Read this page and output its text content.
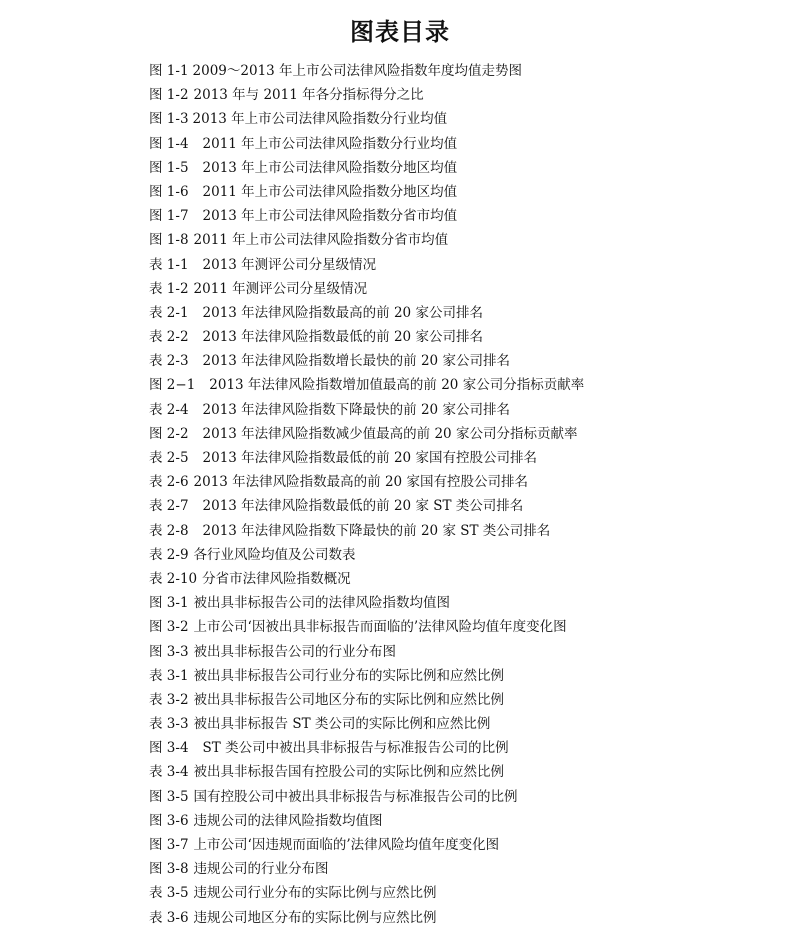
图表目录
图 1-1 2009～2013 年上市公司法律风险指数年度均值走势图
图 1-2 2013 年与 2011 年各分指标得分之比
图 1-3 2013 年上市公司法律风险指数分行业均值
图 1-4 2011 年上市公司法律风险指数分行业均值
图 1-5 2013 年上市公司法律风险指数分地区均值
图 1-6 2011 年上市公司法律风险指数分地区均值
图 1-7 2013 年上市公司法律风险指数分省市均值
图 1-8 2011 年上市公司法律风险指数分省市均值
表 1-1 2013 年测评公司分星级情况
表 1-2 2011 年测评公司分星级情况
表 2-1 2013 年法律风险指数最高的前 20 家公司排名
表 2-2 2013 年法律风险指数最低的前 20 家公司排名
表 2-3 2013 年法律风险指数增长最快的前 20 家公司排名
图 2−1 2013 年法律风险指数增加值最高的前 20 家公司分指标贡献率
表 2-4 2013 年法律风险指数下降最快的前 20 家公司排名
图 2-2 2013 年法律风险指数减少值最高的前 20 家公司分指标贡献率
表 2-5 2013 年法律风险指数最低的前 20 家国有控股公司排名
表 2-6 2013 年法律风险指数最高的前 20 家国有控股公司排名
表 2-7 2013 年法律风险指数最低的前 20 家 ST 类公司排名
表 2-8 2013 年法律风险指数下降最快的前 20 家 ST 类公司排名
表 2-9 各行业风险均值及公司数表
表 2-10 分省市法律风险指数概况
图 3-1 被出具非标报告公司的法律风险指数均值图
图 3-2 上市公司‘因被出具非标报告而面临的’法律风险均值年度变化图
图 3-3 被出具非标报告公司的行业分布图
表 3-1 被出具非标报告公司行业分布的实际比例和应然比例
表 3-2 被出具非标报告公司地区分布的实际比例和应然比例
表 3-3 被出具非标报告 ST 类公司的实际比例和应然比例
图 3-4 ST 类公司中被出具非标报告与标准报告公司的比例
表 3-4 被出具非标报告国有控股公司的实际比例和应然比例
图 3-5 国有控股公司中被出具非标报告与标准报告公司的比例
图 3-6 违规公司的法律风险指数均值图
图 3-7 上市公司‘因违规而面临的’法律风险均值年度变化图
图 3-8 违规公司的行业分布图
表 3-5 违规公司行业分布的实际比例与应然比例
表 3-6 违规公司地区分布的实际比例与应然比例
